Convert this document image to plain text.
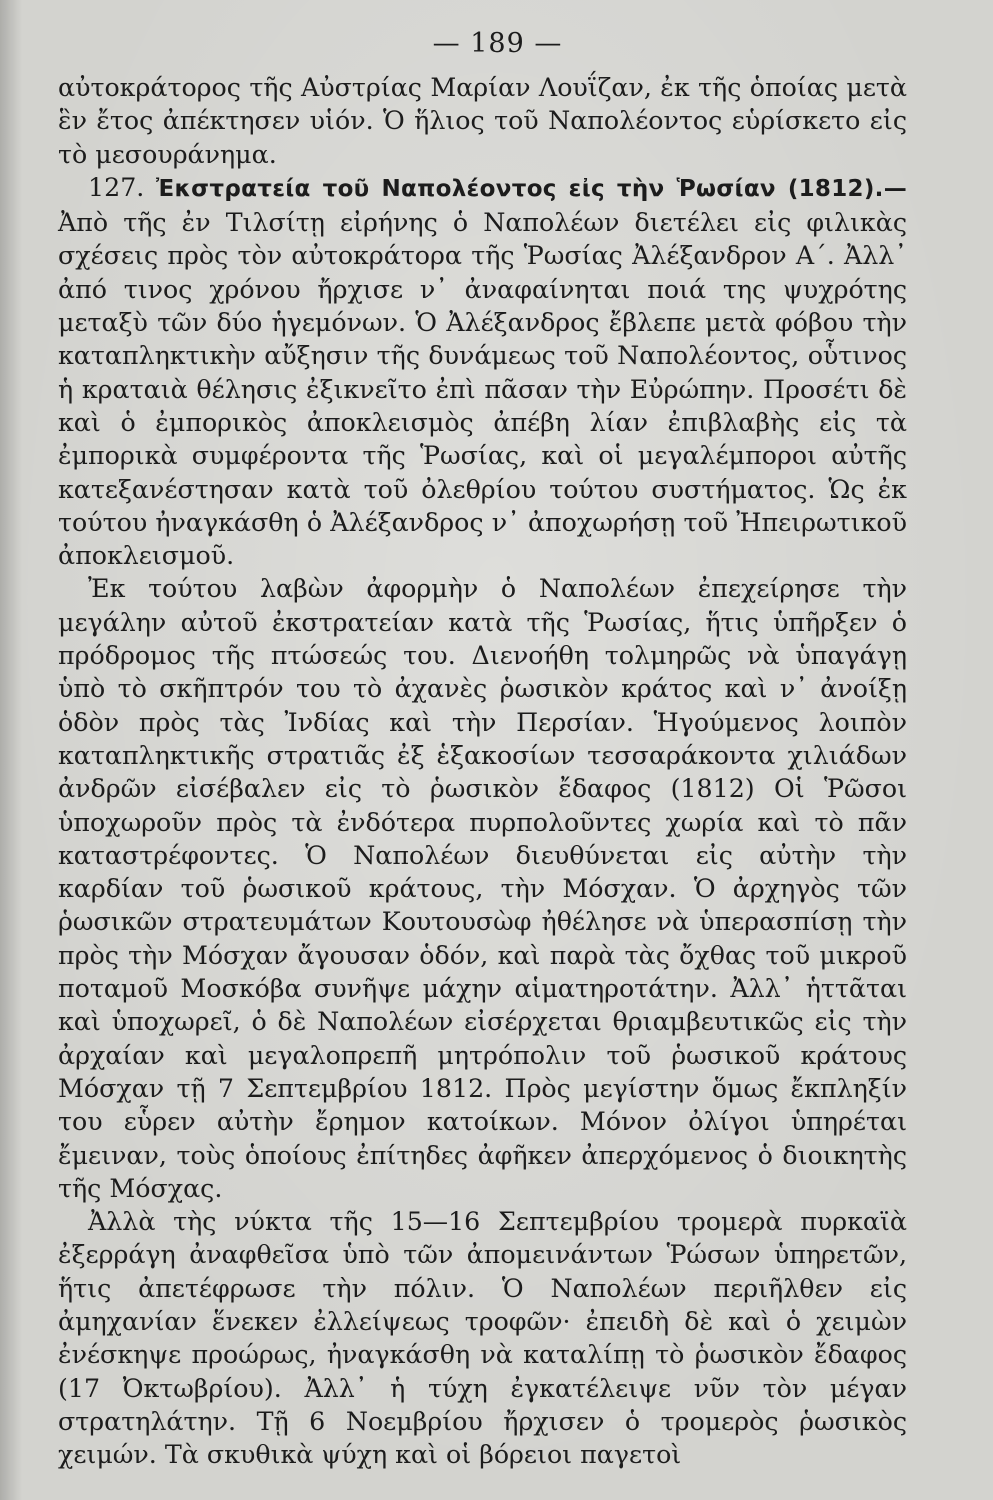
— 189 —

αὐτοκράτορος τῆς Αὐστρίας Μαρίαν Λουΐζαν, ἐκ τῆς ὁποίας μετὰ ἓν ἔτος ἀπέκτησεν υἱόν. Ὁ ἥλιος τοῦ Ναπολέοντος εὑρίσκετο εἰς τὸ μεσουράνημα.

127. Ἐκστρατεία τοῦ Ναπολέοντος εἰς τὴν Ῥωσίαν (1812).— Ἀπὸ τῆς ἐν Τιλσίτῃ εἰρήνης ὁ Ναπολέων διετέλει εἰς φιλικὰς σχέσεις πρὸς τὸν αὐτοκράτορα τῆς Ῥωσίας Ἀλέξανδρον Α΄. Ἀλλ᾽ ἀπό τινος χρόνου ἤρχισε ν᾽ ἀναφαίνηται ποιά της ψυχρότης μεταξὺ τῶν δύο ἡγεμόνων. Ὁ Ἀλέξανδρος ἔβλεπε μετὰ φόβου τὴν καταπληκτικὴν αὔξησιν τῆς δυνάμεως τοῦ Ναπολέοντος, οὗτινος ἡ κραταιὰ θέλησις ἐξικνεῖτο ἐπὶ πᾶσαν τὴν Εὐρώπην. Προσέτι δὲ καὶ ὁ ἐμπορικὸς ἀποκλεισμὸς ἀπέβη λίαν ἐπιβλαβὴς εἰς τὰ ἐμπορικὰ συμφέροντα τῆς Ῥωσίας, καὶ οἱ μεγαλέμποροι αὐτῆς κατεξανέστησαν κατὰ τοῦ ὀλεθρίου τούτου συστήματος. Ὡς ἐκ τούτου ἠναγκάσθη ὁ Ἀλέξανδρος ν᾽ ἀποχωρήσῃ τοῦ Ἠπειρωτικοῦ ἀποκλεισμοῦ.

Ἐκ τούτου λαβὼν ἀφορμὴν ὁ Ναπολέων ἐπεχείρησε τὴν μεγάλην αὐτοῦ ἐκστρατείαν κατὰ τῆς Ῥωσίας, ἥτις ὑπῆρξεν ὁ πρόδρομος τῆς πτώσεώς του. Διενοήθη τολμηρῶς νὰ ὑπαγάγῃ ὑπὸ τὸ σκῆπτρόν του τὸ ἀχανὲς ῥωσικὸν κράτος καὶ ν᾽ ἀνοίξῃ ὁδὸν πρὸς τὰς Ἰνδίας καὶ τὴν Περσίαν. Ἡγούμενος λοιπὸν καταπληκτικῆς στρατιᾶς ἐξ ἑξακοσίων τεσσαράκοντα χιλιάδων ἀνδρῶν εἰσέβαλεν εἰς τὸ ῥωσικὸν ἔδαφος (1812) Οἱ Ῥῶσοι ὑποχωροῦν πρὸς τὰ ἐνδότερα πυρπολοῦντες χωρία καὶ τὸ πᾶν καταστρέφοντες. Ὁ Ναπολέων διευθύνεται εἰς αὐτὴν τὴν καρδίαν τοῦ ῥωσικοῦ κράτους, τὴν Μόσχαν. Ὁ ἀρχηγὸς τῶν ῥωσικῶν στρατευμάτων Κουτουσὼφ ἠθέλησε νὰ ὑπερασπίσῃ τὴν πρὸς τὴν Μόσχαν ἄγουσαν ὁδόν, καὶ παρὰ τὰς ὄχθας τοῦ μικροῦ ποταμοῦ Μοσκόβα συνῆψε μάχην αἱματηροτάτην. Ἀλλ᾽ ἡττᾶται καὶ ὑποχωρεῖ, ὁ δὲ Ναπολέων εἰσέρχεται θριαμβευτικῶς εἰς τὴν ἀρχαίαν καὶ μεγαλοπρεπῆ μητρόπολιν τοῦ ῥωσικοῦ κράτους Μόσχαν τῇ 7 Σεπτεμβρίου 1812. Πρὸς μεγίστην ὅμως ἔκπληξίν του εὗρεν αὐτὴν ἔρημον κατοίκων. Μόνον ὀλίγοι ὑπηρέται ἔμειναν, τοὺς ὁποίους ἐπίτηδες ἀφῆκεν ἀπερχόμενος ὁ διοικητὴς τῆς Μόσχας.

Ἀλλὰ τὴς νύκτα τῆς 15—16 Σεπτεμβρίου τρομερὰ πυρκαϊὰ ἐξερράγη ἀναφθεῖσα ὑπὸ τῶν ἀπομεινάντων Ῥώσων ὑπηρετῶν, ἥτις ἀπετέφρωσε τὴν πόλιν. Ὁ Ναπολέων περιῆλθεν εἰς ἀμηχανίαν ἕνεκεν ἐλλείψεως τροφῶν· ἐπειδὴ δὲ καὶ ὁ χειμὼν ἐνέσκηψε προώρως, ἠναγκάσθη νὰ καταλίπῃ τὸ ῥωσικὸν ἔδαφος (17 Ὀκτωβρίου). Ἀλλ᾽ ἡ τύχη ἐγκατέλειψε νῦν τὸν μέγαν στρατηλάτην. Τῇ 6 Νοεμβρίου ἤρχισεν ὁ τρομερὸς ῥωσικὸς χειμών. Τὰ σκυθικὰ ψύχη καὶ οἱ βόρειοι παγετοὶ
